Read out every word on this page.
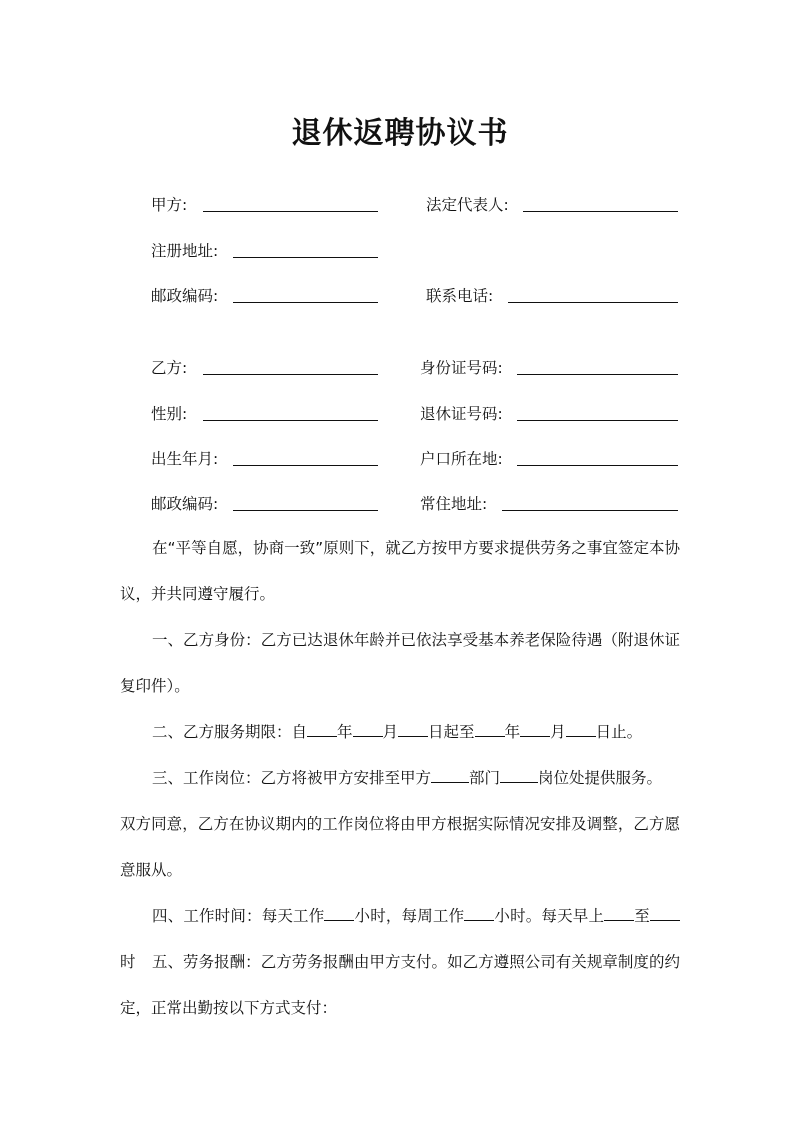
退休返聘协议书
甲方:	法定代表人:
注册地址:
邮政编码:	联系电话:
乙方:	身份证号码:
性别:	退休证号码:
出生年月:	户口所在地:
邮政编码:	常住地址:
在“平等自愿，协商一致”原则下，就乙方按甲方要求提供劳务之事宜签定本协议，并共同遵守履行。
一、乙方身份：乙方已达退休年龄并已依法享受基本养老保险待遇（附退休证复印件）。
二、乙方服务期限：自 年 月 日起至 年 月 日止。
三、工作岗位：乙方将被甲方安排至甲方 部门 岗位处提供服务。
双方同意，乙方在协议期内的工作岗位将由甲方根据实际情况安排及调整，乙方愿意服从。
四、工作时间：每天工作 小时，每周工作 小时。每天早上 至时	五、劳务报酬：乙方劳务报酬由甲方支付。如乙方遵照公司有关规章制度的约定，正常出勤按以下方式支付：
